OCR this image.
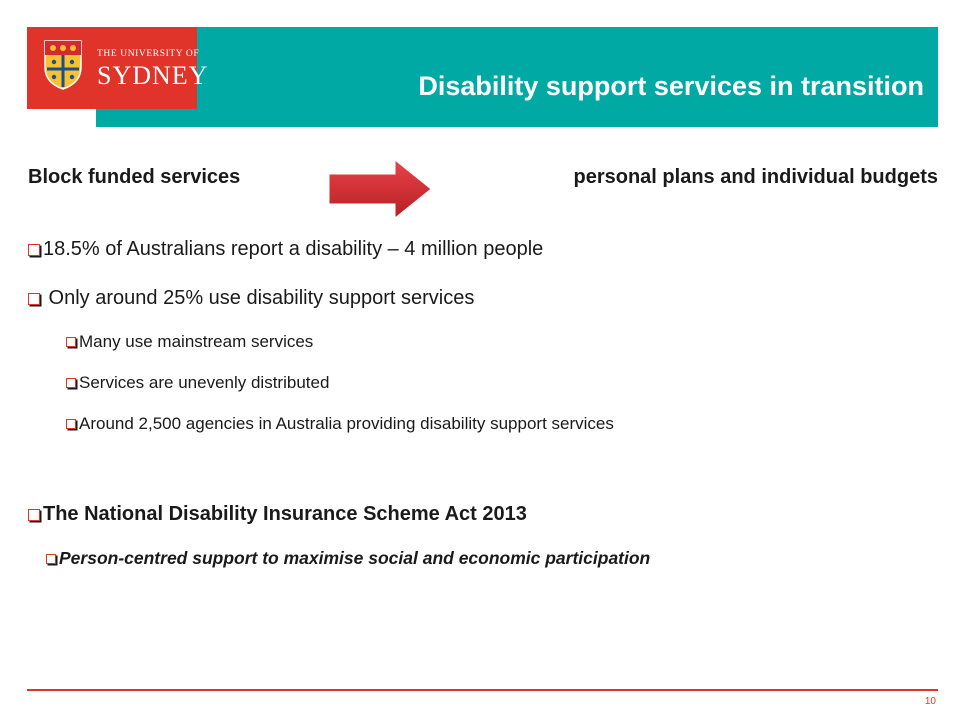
THE UNIVERSITY OF
SYDNEY	Disability support services in transition

Block funded services	personal plans and individual budgets

18.5% of Australians report a disability – 4 million people
Only around 25% use disability support services
Many use mainstream services
Services are unevenly distributed
Around 2,500 agencies in Australia providing disability support services
The National Disability Insurance Scheme Act 2013
Person-centred support to maximise social and economic participation
10
